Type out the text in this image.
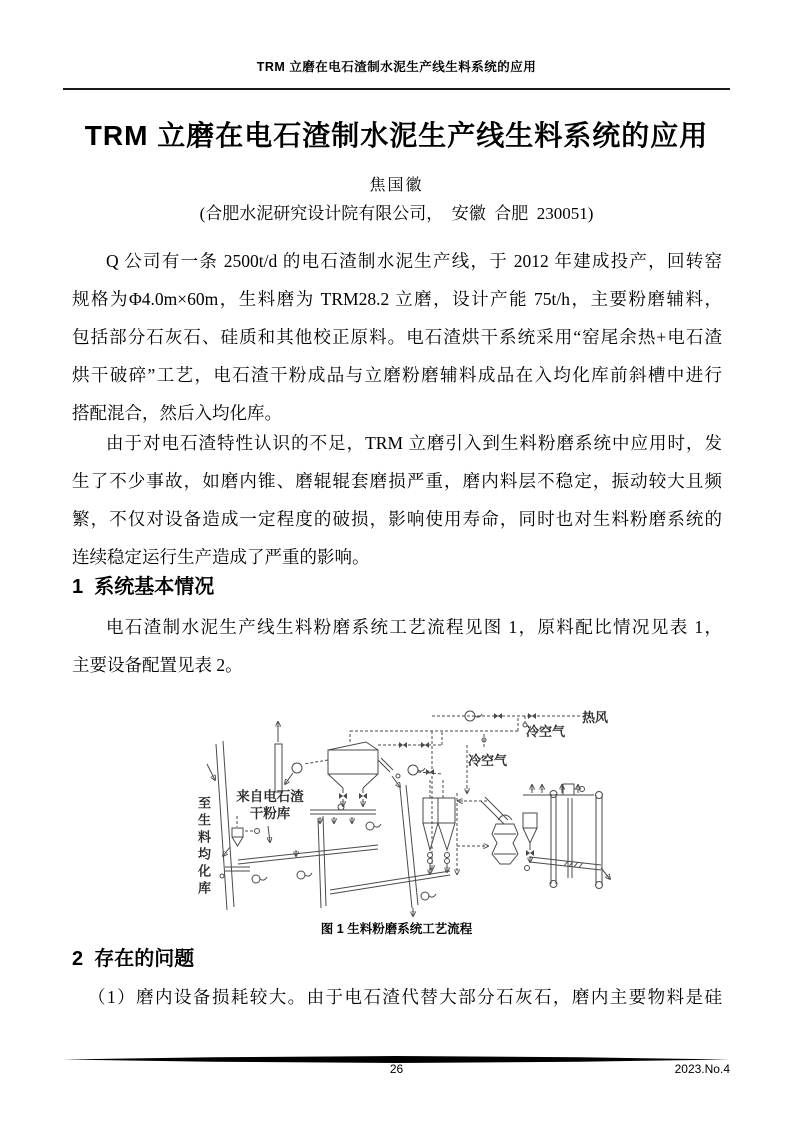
TRM 立磨在电石渣制水泥生产线生料系统的应用
TRM 立磨在电石渣制水泥生产线生料系统的应用
焦国徽
(合肥水泥研究设计院有限公司，  安徽  合肥  230051)
Q 公司有一条 2500t/d 的电石渣制水泥生产线，于 2012 年建成投产，回转窑
规格为Φ4.0m×60m，生料磨为 TRM28.2 立磨，设计产能 75t/h，主要粉磨辅料，
包括部分石灰石、硅质和其他校正原料。电石渣烘干系统采用“窑尾余热+电石渣
烘干破碎”工艺，电石渣干粉成品与立磨粉磨辅料成品在入均化库前斜槽中进行
搭配混合，然后入均化库。
由于对电石渣特性认识的不足，TRM 立磨引入到生料粉磨系统中应用时，发
生了不少事故，如磨内锥、磨辊辊套磨损严重，磨内料层不稳定，振动较大且频
繁，不仅对设备造成一定程度的破损，影响使用寿命，同时也对生料粉磨系统的
连续稳定运行生产造成了严重的影响。
1  系统基本情况
电石渣制水泥生产线生料粉磨系统工艺流程见图 1，原料配比情况见表 1，
主要设备配置见表 2。
至生料均化库	来自电石渣
干粉库
热风
冷空气
冷空气
图 1 生料粉磨系统工艺流程
2  存在的问题
（1）磨内设备损耗较大。由于电石渣代替大部分石灰石，磨内主要物料是硅
26	2023.No.4
